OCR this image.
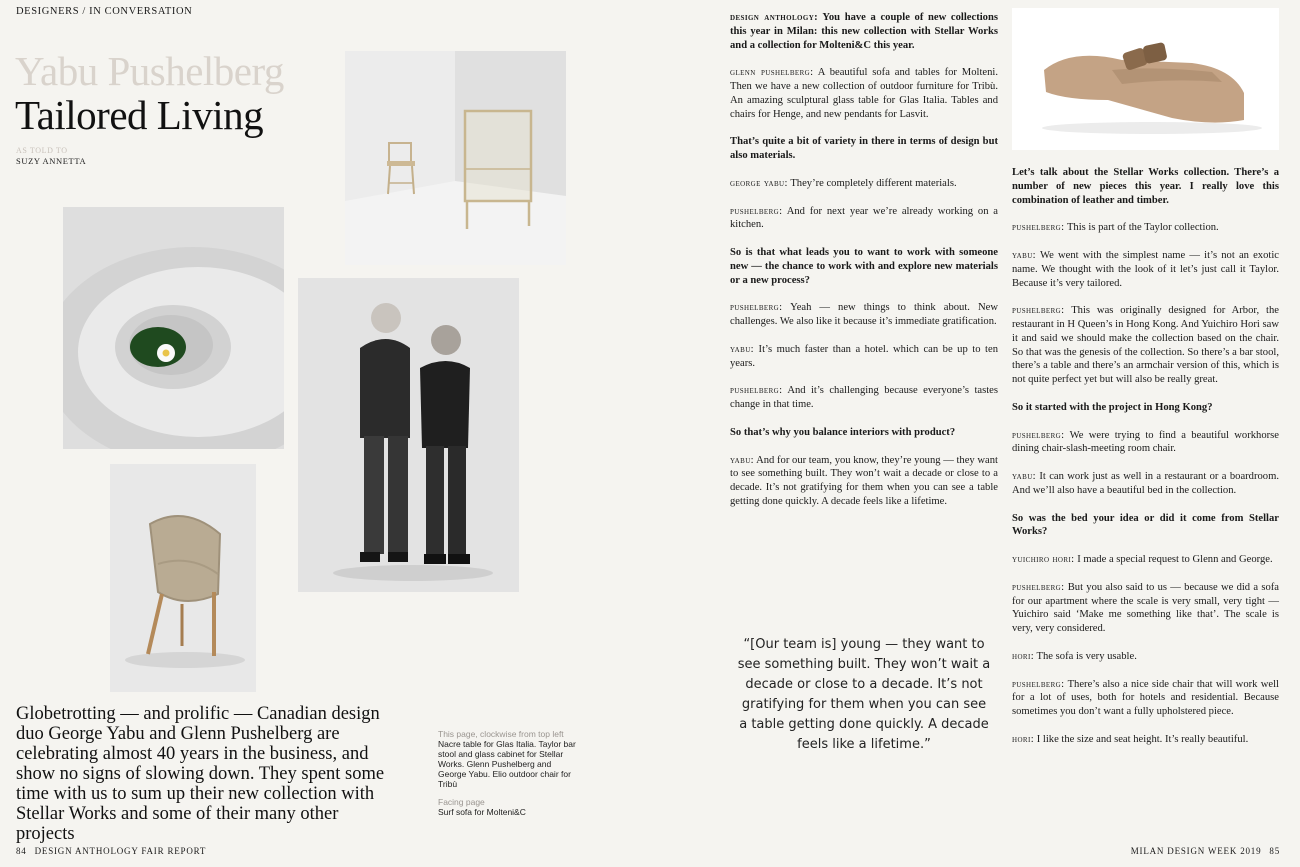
DESIGNERS / IN CONVERSATION
Yabu Pushelberg
Tailored Living
AS TOLD TO
SUZY ANNETTA
Globetrotting — and prolific — Canadian design duo George Yabu and Glenn Pushelberg are celebrating almost 40 years in the business, and show no signs of slowing down. They spent some time with us to sum up their new collection with Stellar Works and some of their many other projects
This page, clockwise from top left
Nacre table for Glas Italia. Taylor bar stool and glass cabinet for Stellar Works. Glenn Pushelberg and George Yabu. Elio outdoor chair for Tribù
Facing page
Surf sofa for Molteni&C

design anthology: You have a couple of new collections this year in Milan: this new collection with Stellar Works and a collection for Molteni&C this year.

glenn pushelberg: A beautiful sofa and tables for Molteni. Then we have a new collection of outdoor furniture for Tribù. An amazing sculptural glass table for Glas Italia. Tables and chairs for Henge, and new pendants for Lasvit.

That’s quite a bit of variety in there in terms of design but also materials.

george yabu: They’re completely different materials.

pushelberg: And for next year we’re already working on a kitchen.

So is that what leads you to want to work with someone new — the chance to work with and explore new materials or a new process?

pushelberg: Yeah — new things to think about. New challenges. We also like it because it’s immediate gratification.

yabu: It’s much faster than a hotel. which can be up to ten years.

pushelberg: And it’s challenging because everyone’s tastes change in that time.

So that’s why you balance interiors with product?

yabu: And for our team, you know, they’re young — they want to see something built. They won’t wait a decade or close to a decade. It’s not gratifying for them when you can see a table getting done quickly. A decade feels like a lifetime.

“[Our team is] young — they want to see something built. They won’t wait a decade or close to a decade. It’s not gratifying for them when you can see a table getting done quickly. A decade feels like a lifetime.”

Let’s talk about the Stellar Works collection. There’s a number of new pieces this year. I really love this combination of leather and timber.

pushelberg: This is part of the Taylor collection.

yabu: We went with the simplest name — it’s not an exotic name. We thought with the look of it let’s just call it Taylor. Because it’s very tailored.

pushelberg: This was originally designed for Arbor, the restaurant in H Queen’s in Hong Kong. And Yuichiro Hori saw it and said we should make the collection based on the chair. So that was the genesis of the collection. So there’s a bar stool, there’s a table and there’s an armchair version of this, which is not quite perfect yet but will also be really great.

So it started with the project in Hong Kong?

pushelberg: We were trying to find a beautiful workhorse dining chair-slash-meeting room chair.

yabu: It can work just as well in a restaurant or a boardroom. And we’ll also have a beautiful bed in the collection.

So was the bed your idea or did it come from Stellar Works?

yuichiro hori: I made a special request to Glenn and George.

pushelberg: But you also said to us — because we did a sofa for our apartment where the scale is very small, very tight — Yuichiro said ‘Make me something like that’. The scale is very, very considered.

hori: The sofa is very usable.

pushelberg: There’s also a nice side chair that will work well for a lot of uses, both for hotels and residential. Because sometimes you don’t want a fully upholstered piece.

hori: I like the size and seat height. It’s really beautiful.

84 DESIGN ANTHOLOGY FAIR REPORT	MILAN DESIGN WEEK 2019 85
